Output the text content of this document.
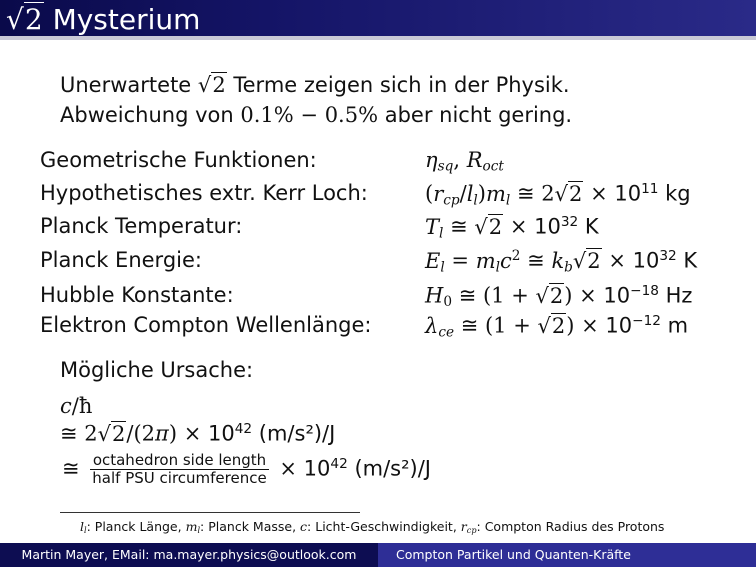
√2 Mysterium
Unerwartete √2 Terme zeigen sich in der Physik.
Abweichung von 0.1% − 0.5% aber nicht gering.
Geometrische Funktionen:	$\eta_{sq}$, $R_{oct}$
Hypothetisches extr. Kerr Loch:	$(r_{cp}/l_l)m_l$ ≅ $2√2 \times 10^{11}$ kg
Planck Temperatur:	$T_l$ ≅ $√2 \times 10^{32}$ K
Planck Energie:	$E_l = m_lc^2$ ≅ $k_b√2 \times 10^{32}$ K
Hubble Konstante:	$H_0$ ≅ $(1 + √2) \times 10^{-18}$ Hz
Elektron Compton Wellenlänge:	$\lambda_{ce}$ ≅ $(1 + √2) \times 10^{-12}$ m
Mögliche Ursache:
c/ħ
≅ $2√2/(2\pi) \times 10^{42}$ (m/s²)/J
≅ $\frac{\text{octahedron side length}}{\text{half PSU circumference}} \times 10^{42}$ (m/s²)/J
$l_l$: Planck Länge, $m_l$: Planck Masse, c: Licht-Geschwindigkeit, $r_{cp}$: Compton Radius des Protons
Martin Mayer, EMail: ma.mayer.physics@outlook.com	Compton Partikel und Quanten-Kräfte
